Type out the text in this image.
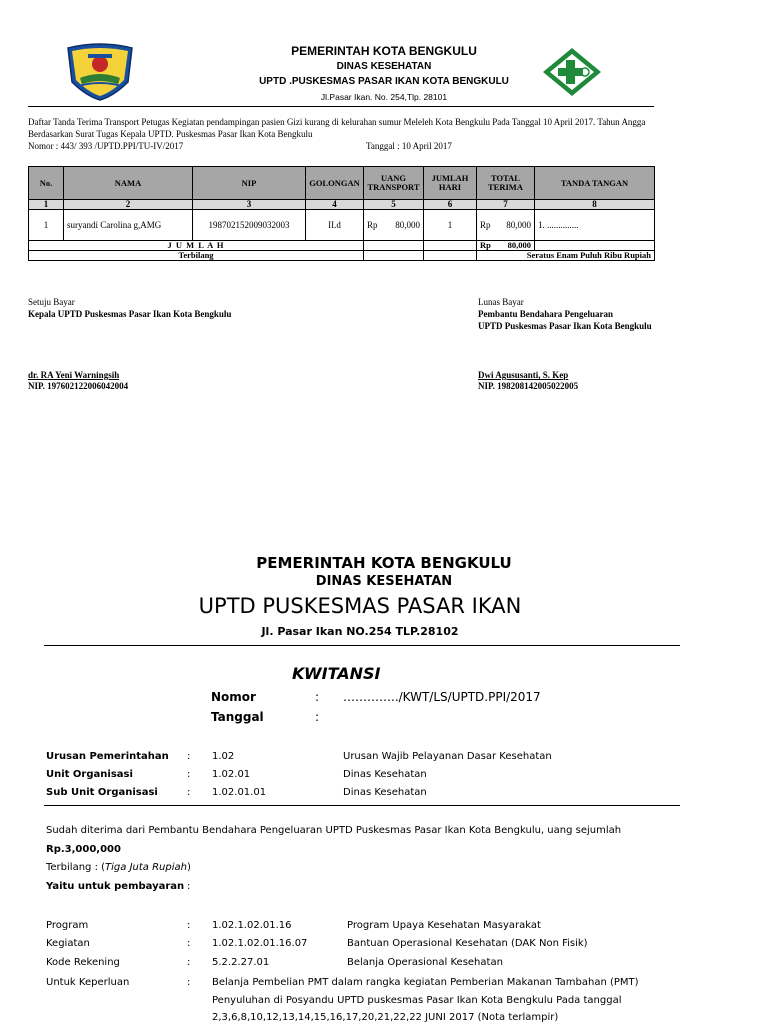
PEMERINTAH KOTA BENGKULU
DINAS KESEHATAN
UPTD .PUSKESMAS PASAR IKAN KOTA BENGKULU
Jl.Pasar Ikan. No. 254,Tlp. 28101
Daftar Tanda Terima Transport Petugas Kegiatan pendampingan pasien Gizi kurang di kelurahan sumur Meleleh Kota Bengkulu Pada Tanggal 10 April 2017. Tahun Angga
Berdasarkan Surat Tugas Kepala UPTD. Puskesmas Pasar Ikan Kota Bengkulu
Nomor : 443/ 393 /UPTD.PPI/TU-IV/2017	Tanggal : 10 April 2017
No.	NAMA	NIP	GOLONGAN	UANG TRANSPORT	JUMLAH HARI	TOTAL TERIMA	TANDA TANGAN
1	2	3	4	5	6	7	8
1	suryandi Carolina g,AMG	198702152009032003	II.d	Rp 80,000	1	Rp 80,000	1. ..............
J U M L A H						Rp 80,000	

Terbilang						Seratus Enam Puluh Ribu Rupiah	
Setuju Bayar
Kepala UPTD Puskesmas Pasar Ikan Kota Bengkulu
dr. RA Yeni Warningsih
NIP. 197602122006042004
Lunas Bayar
Pembantu Bendahara Pengeluaran
UPTD Puskesmas Pasar Ikan Kota Bengkulu
Dwi Agususanti, S. Kep
NIP. 198208142005022005
PEMERINTAH KOTA BENGKULU
DINAS KESEHATAN
UPTD PUSKESMAS PASAR IKAN
Jl. Pasar Ikan NO.254 TLP.28102
KWITANSI
Nomor	: …………../KWT/LS/UPTD.PPI/2017
Tanggal	:
Urusan Pemerintahan : 1.02	Urusan Wajib Pelayanan Dasar Kesehatan
Unit Organisasi	: 1.02.01	Dinas Kesehatan
Sub Unit Organisasi	: 1.02.01.01	Dinas Kesehatan
Sudah diterima dari Pembantu Bendahara Pengeluaran UPTD Puskesmas Pasar Ikan Kota Bengkulu, uang sejumlah
Rp.3,000,000
Terbilang : (Tiga Juta Rupiah)
Yaitu untuk pembayaran :
Program	: 1.02.1.02.01.16	Program Upaya Kesehatan Masyarakat
Kegiatan	: 1.02.1.02.01.16.07	Bantuan Operasional Kesehatan (DAK Non Fisik)
Kode Rekening	: 5.2.2.27.01	Belanja Operasional Kesehatan
Untuk Keperluan	: Belanja Pembelian PMT dalam rangka kegiatan Pemberian Makanan Tambahan (PMT)
Penyuluhan di Posyandu UPTD puskesmas Pasar Ikan Kota Bengkulu Pada tanggal
2,3,6,8,10,12,13,14,15,16,17,20,21,22,22 JUNI 2017 (Nota terlampir)
